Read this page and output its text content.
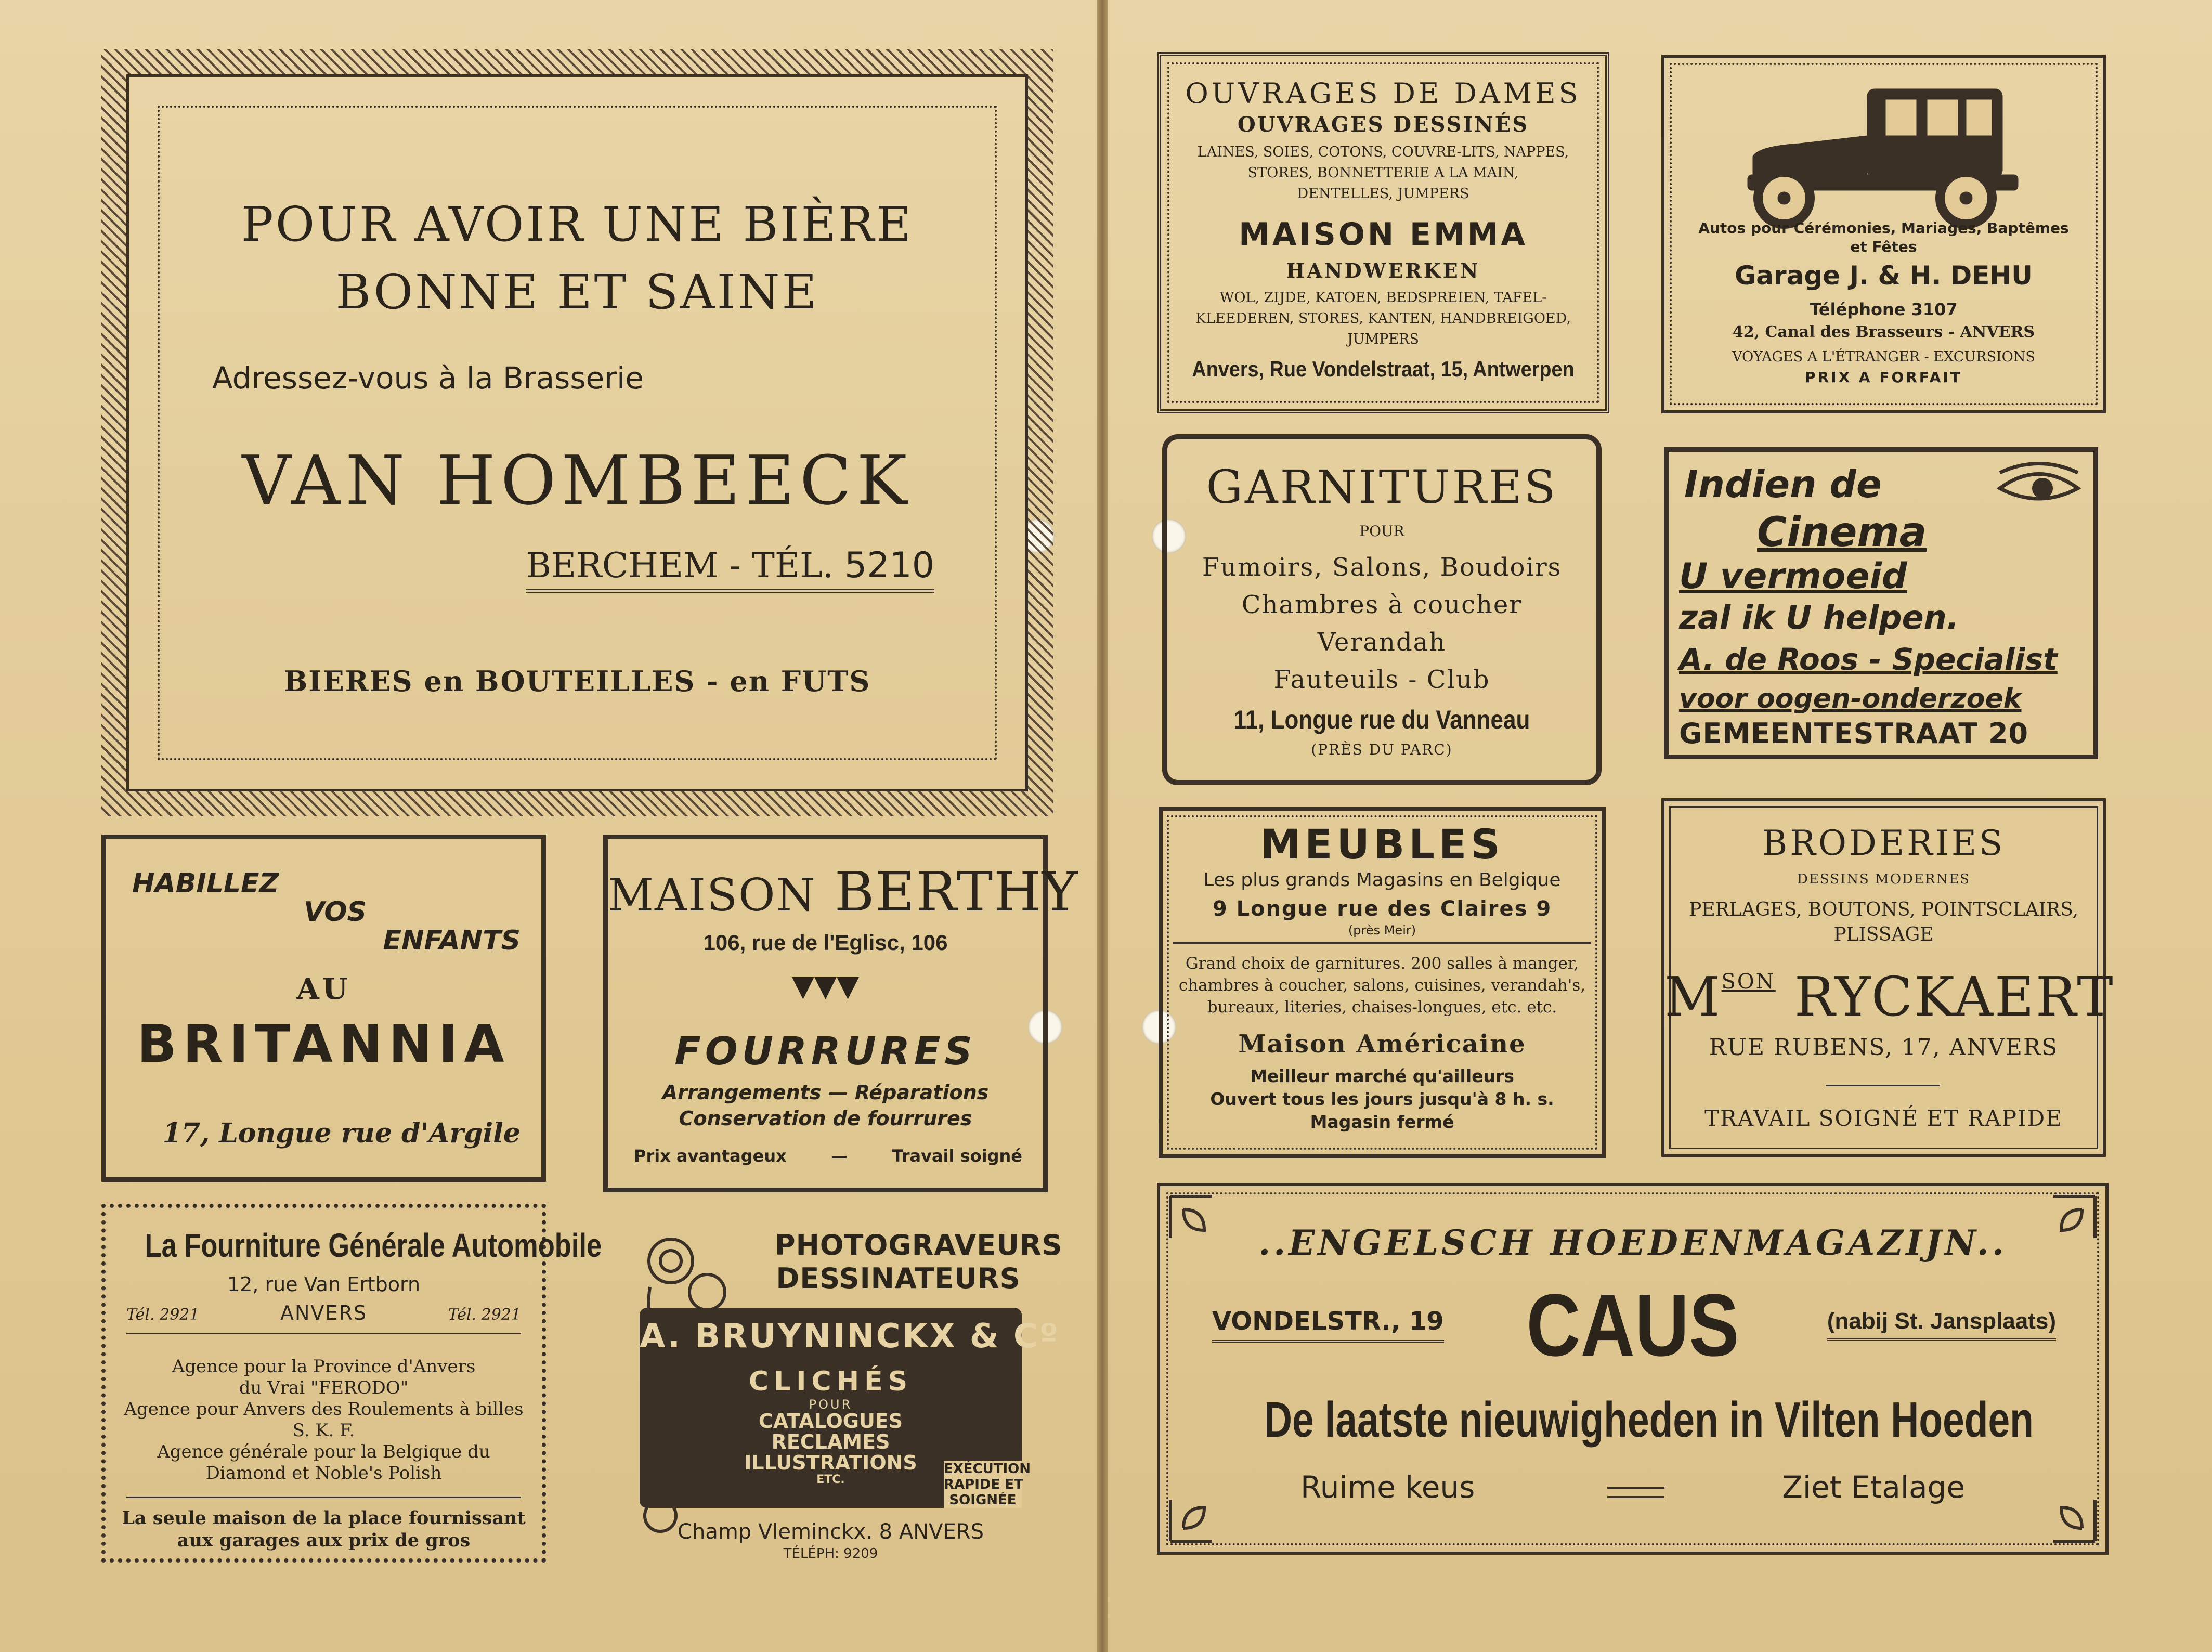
POUR AVOIR UNE BIÈRE
BONNE ET SAINE
Adressez-vous à la Brasserie
VAN HOMBEECK
BERCHEM - TÉL. 5210
BIERES en BOUTEILLES - en FUTS
HABILLEZ
VOS
ENFANTS
AU
BRITANNIA
17, Longue rue d'Argile
MAISON BERTHY
106, rue de l'Eglisc, 106
▼▼▼
FOURRURES
Arrangements — Réparations
Conservation de fourrures
Prix avantageux	—	Travail soigné
La Fourniture Générale Automobile
12, rue Van Ertborn
Tél. 2921	ANVERS	Tél. 2921
Agence pour la Province d'Anvers
du Vrai "FERODO"
Agence pour Anvers des Roulements à billes
S. K. F.
Agence générale pour la Belgique du
Diamond et Noble's Polish
La seule maison de la place fournissant
aux garages aux prix de gros
PHOTOGRAVEURS
DESSINATEURS
A. BRUYNINCKX & Cº
CLICHÉS
POUR
CATALOGUES
RECLAMES
ILLUSTRATIONS
ETC.
EXÉCUTION
RAPIDE ET
SOIGNÉE
Champ Vleminckx. 8 ANVERS
TÉLÉPH: 9209
OUVRAGES DE DAMES
OUVRAGES DESSINÉS
LAINES, SOIES, COTONS, COUVRE-LITS, NAPPES,
STORES, BONNETTERIE A LA MAIN,
DENTELLES, JUMPERS
MAISON EMMA
HANDWERKEN
WOL, ZIJDE, KATOEN, BEDSPREIEN, TAFEL-
KLEEDEREN, STORES, KANTEN, HANDBREIGOED,
JUMPERS
Anvers, Rue Vondelstraat, 15, Antwerpen
Autos pour Cérémonies, Mariages, Baptêmes
et Fêtes
Garage J. & H. DEHU
Téléphone 3107
42, Canal des Brasseurs - ANVERS
VOYAGES A L'ÉTRANGER - EXCURSIONS
PRIX A FORFAIT
GARNITURES
POUR
Fumoirs, Salons, Boudoirs
Chambres à coucher
Verandah
Fauteuils - Club
11, Longue rue du Vanneau
(PRÈS DU PARC)
Indien de
Cinema
U vermoeid
zal ik U helpen.
A. de Roos - Specialist
voor oogen-onderzoek
GEMEENTESTRAAT 20
MEUBLES
Les plus grands Magasins en Belgique
9 Longue rue des Claires 9
(près Meir)
Grand choix de garnitures. 200 salles à manger,
chambres à coucher, salons, cuisines, verandah's,
bureaux, literies, chaises-longues, etc. etc.
Maison Américaine
Meilleur marché qu'ailleurs
Ouvert tous les jours jusqu'à 8 h. s.
Magasin fermé
BRODERIES
DESSINS MODERNES
PERLAGES, BOUTONS, POINTSCLAIRS,
PLISSAGE
$M^{SON}$ RYCKAERT
RUE RUBENS, 17, ANVERS
TRAVAIL SOIGNÉ ET RAPIDE
..ENGELSCH HOEDENMAGAZIJN..
VONDELSTR., 19 CAUS	(nabij St. Jansplaats)
De laatste nieuwigheden in Vilten Hoeden
Ruime keus	Ziet Etalage
